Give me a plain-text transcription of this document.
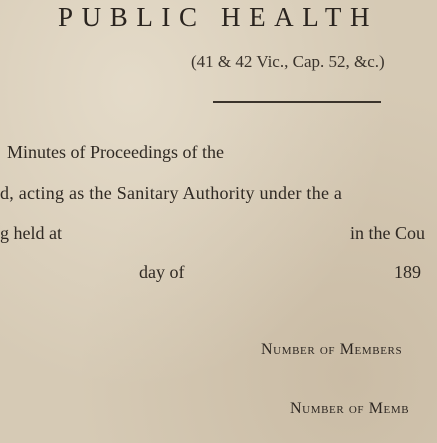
PUBLIC HEALTH
(41 & 42 Vic., Cap. 52, &c.)
Minutes of Proceedings of the
d, acting as the Sanitary Authority under the a
g held at	in the Cou
day of	189
Number of Members
Number of Memb
